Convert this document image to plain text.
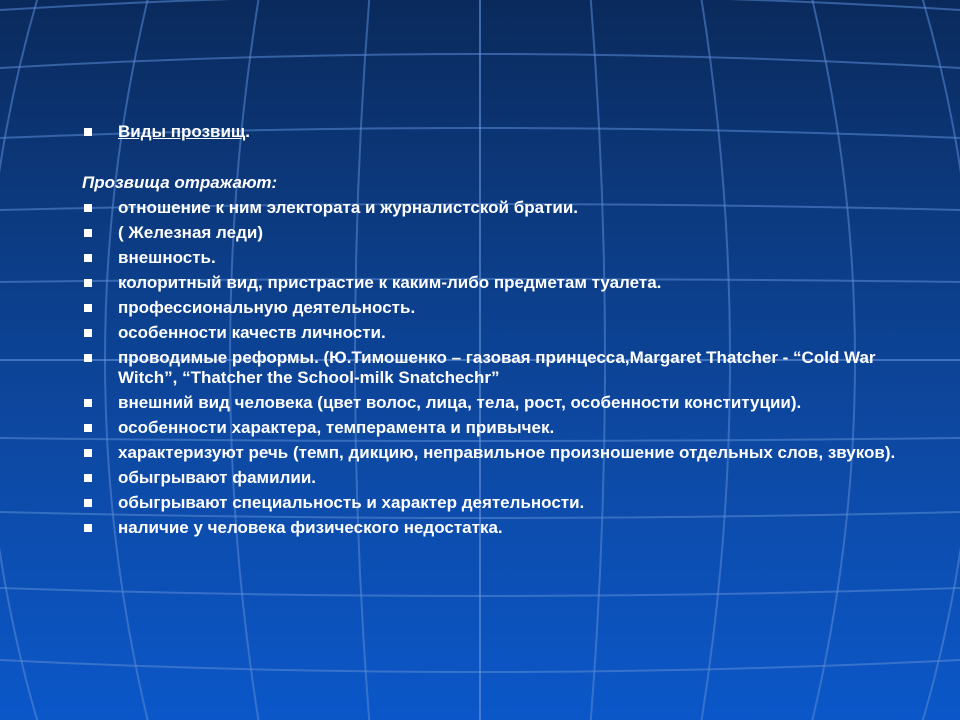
Виды прозвищ.
Прозвища отражают:
отношение к ним электората и журналистской братии.
( Железная леди)
внешность.
колоритный вид, пристрастие к каким-либо предметам туалета.
профессиональную деятельность.
особенности качеств личности.
проводимые реформы. (Ю.Тимошенко – газовая принцесса,Margaret Thatcher - “Cold War Witch”, “Thatcher the School-milk Snatchechr”
внешний вид человека (цвет волос, лица, тела, рост, особенности конституции).
особенности характера, темперамента и привычек.
характеризуют речь (темп, дикцию, неправильное произношение отдельных слов, звуков).
обыгрывают фамилии.
обыгрывают специальность и характер деятельности.
наличие у человека физического недостатка.
